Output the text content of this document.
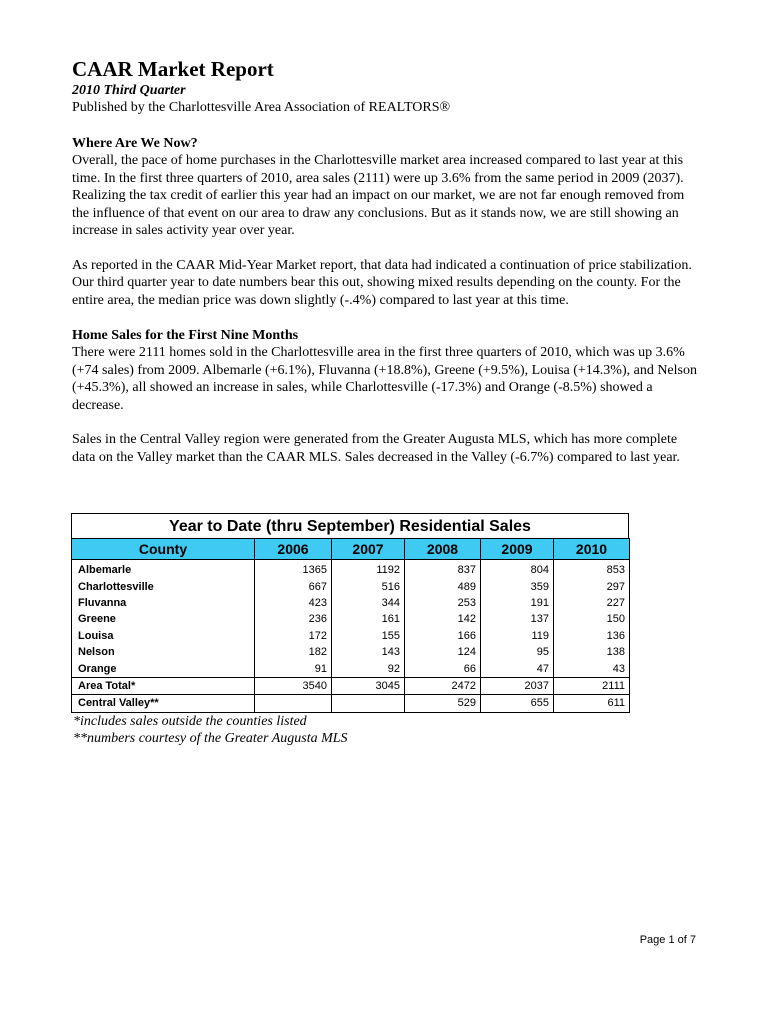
CAAR Market Report
2010 Third Quarter
Published by the Charlottesville Area Association of REALTORS®
Where Are We Now?

Overall, the pace of home purchases in the Charlottesville market area increased compared to last year at this time. In the first three quarters of 2010, area sales (2111) were up 3.6% from the same period in 2009 (2037). Realizing the tax credit of earlier this year had an impact on our market, we are not far enough removed from the influence of that event on our area to draw any conclusions. But as it stands now, we are still showing an increase in sales activity year over year.

As reported in the CAAR Mid-Year Market report, that data had indicated a continuation of price stabilization. Our third quarter year to date numbers bear this out, showing mixed results depending on the county. For the entire area, the median price was down slightly (-.4%) compared to last year at this time.

Home Sales for the First Nine Months

There were 2111 homes sold in the Charlottesville area in the first three quarters of 2010, which was up 3.6% (+74 sales) from 2009. Albemarle (+6.1%), Fluvanna (+18.8%), Greene (+9.5%), Louisa (+14.3%), and Nelson (+45.3%), all showed an increase in sales, while Charlottesville (-17.3%) and Orange (-8.5%) showed a decrease.

Sales in the Central Valley region were generated from the Greater Augusta MLS, which has more complete data on the Valley market than the CAAR MLS. Sales decreased in the Valley (-6.7%) compared to last year.

Year to Date (thru September) Residential Sales
County	2006	2007	2008	2009	2010
Albemarle	1365	1192	837	804	853
Charlottesville	667	516	489	359	297
Fluvanna	423	344	253	191	227
Greene	236	161	142	137	150
Louisa	172	155	166	119	136
Nelson	182	143	124	95	138
Orange	91	92	66	47	43
Area Total*	3540	3045	2472	2037	2111
Central Valley**			529	655	611
*includes sales outside the counties listed
**numbers courtesy of the Greater Augusta MLS
Page 1 of 7
